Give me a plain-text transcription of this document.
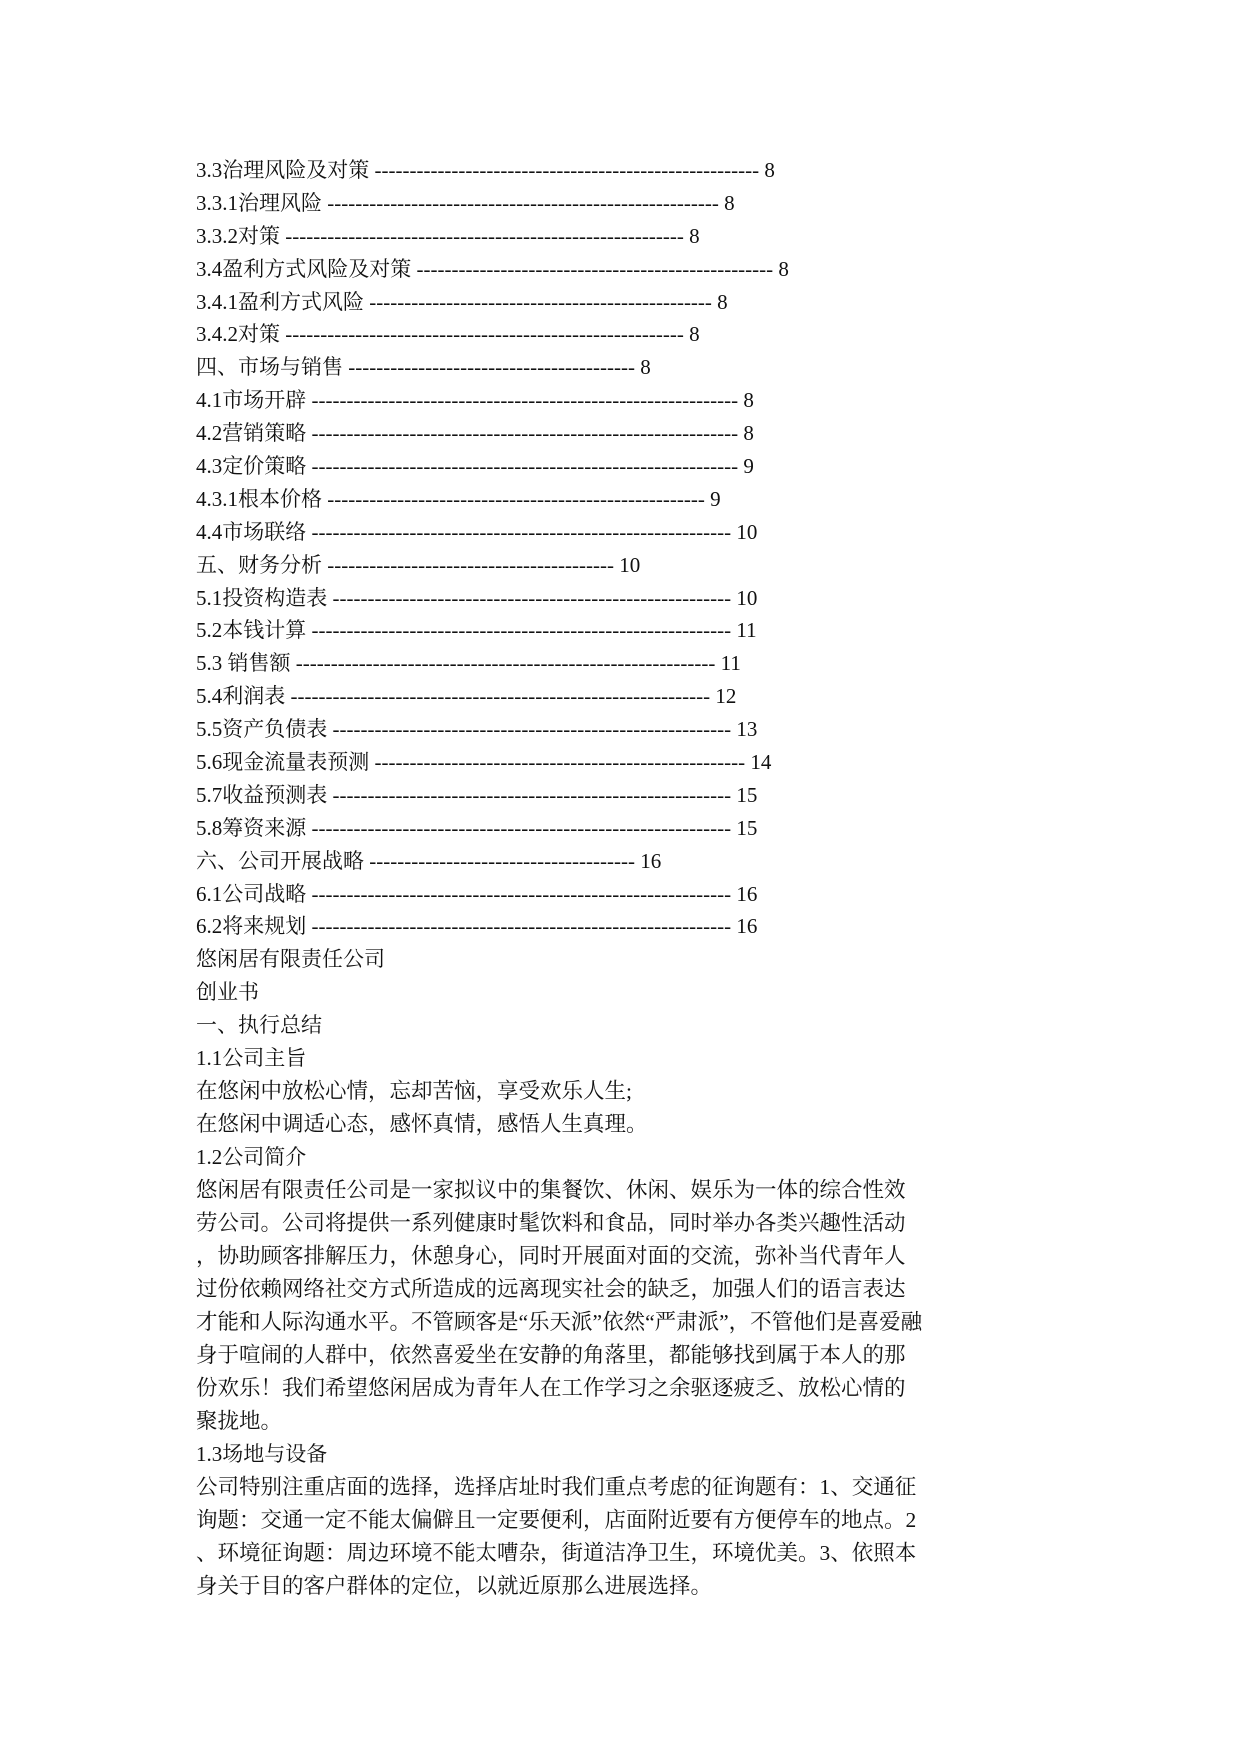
3.3治理风险及对策 ------------------------------------------------------- 8
3.3.1治理风险 -------------------------------------------------------- 8
3.3.2对策 --------------------------------------------------------- 8
3.4盈利方式风险及对策 --------------------------------------------------- 8
3.4.1盈利方式风险 ------------------------------------------------- 8
3.4.2对策 --------------------------------------------------------- 8
四、市场与销售 ----------------------------------------- 8
4.1市场开辟 ------------------------------------------------------------- 8
4.2营销策略 ------------------------------------------------------------- 8
4.3定价策略 ------------------------------------------------------------- 9
4.3.1根本价格 ------------------------------------------------------ 9
4.4市场联络 ------------------------------------------------------------ 10
五、财务分析 ----------------------------------------- 10
5.1投资构造表 --------------------------------------------------------- 10
5.2本钱计算 ------------------------------------------------------------ 11
5.3 销售额 ------------------------------------------------------------ 11
5.4利润表 ------------------------------------------------------------ 12
5.5资产负债表 --------------------------------------------------------- 13
5.6现金流量表预测 ----------------------------------------------------- 14
5.7收益预测表 --------------------------------------------------------- 15
5.8筹资来源 ------------------------------------------------------------ 15
六、公司开展战略 -------------------------------------- 16
6.1公司战略 ------------------------------------------------------------ 16
6.2将来规划 ------------------------------------------------------------ 16
悠闲居有限责任公司
创业书
一、执行总结
1.1公司主旨
在悠闲中放松心情，忘却苦恼，享受欢乐人生;
在悠闲中调适心态，感怀真情，感悟人生真理。
1.2公司简介
悠闲居有限责任公司是一家拟议中的集餐饮、休闲、娱乐为一体的综合性效
劳公司。公司将提供一系列健康时髦饮料和食品，同时举办各类兴趣性活动
，协助顾客排解压力，休憩身心，同时开展面对面的交流，弥补当代青年人
过份依赖网络社交方式所造成的远离现实社会的缺乏，加强人们的语言表达
才能和人际沟通水平。不管顾客是“乐天派”依然“严肃派”，不管他们是喜爱融
身于喧闹的人群中，依然喜爱坐在安静的角落里，都能够找到属于本人的那
份欢乐！我们希望悠闲居成为青年人在工作学习之余驱逐疲乏、放松心情的
聚拢地。
1.3场地与设备
公司特别注重店面的选择，选择店址时我们重点考虑的征询题有：1、交通征
询题：交通一定不能太偏僻且一定要便利，店面附近要有方便停车的地点。2
、环境征询题：周边环境不能太嘈杂，街道洁净卫生，环境优美。3、依照本
身关于目的客户群体的定位，以就近原那么进展选择。
